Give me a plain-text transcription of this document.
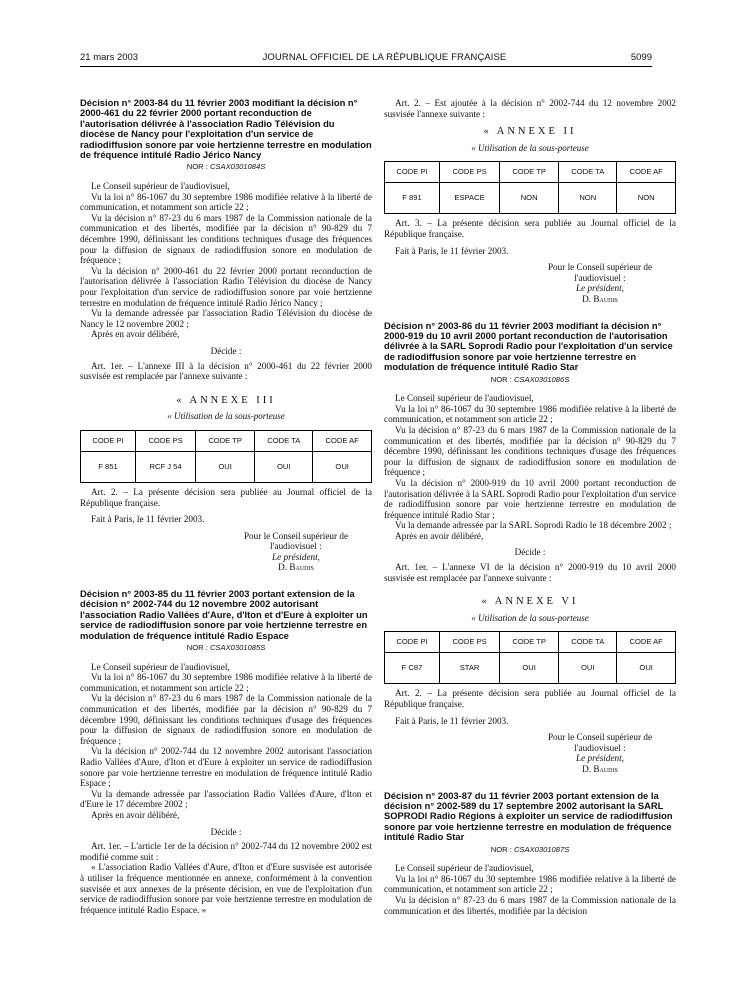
21 mars 2003	JOURNAL OFFICIEL DE LA RÉPUBLIQUE FRANÇAISE	5099
Décision n° 2003-84 du 11 février 2003 modifiant la décision n° 2000-461 du 22 février 2000 portant reconduction de l'autorisation délivrée à l'association Radio Télévision du diocèse de Nancy pour l'exploitation d'un service de radiodiffusion sonore par voie hertzienne terrestre en modulation de fréquence intitulé Radio Jérico Nancy
NOR : CSAX0301084S

Le Conseil supérieur de l'audiovisuel,

Vu la loi n° 86-1067 du 30 septembre 1986 modifiée relative à la liberté de communication, et notamment son article 22 ;

Vu la décision n° 87-23 du 6 mars 1987 de la Commission nationale de la communication et des libertés, modifiée par la décision n° 90-829 du 7 décembre 1990, définissant les conditions techniques d'usage des fréquences pour la diffusion de signaux de radiodiffusion sonore en modulation de fréquence ;

Vu la décision n° 2000-461 du 22 février 2000 portant reconduction de l'autorisation délivrée à l'association Radio Télévision du diocèse de Nancy pour l'exploitation d'un service de radiodiffusion sonore par voie hertzienne terrestre en modulation de fréquence intitulé Radio Jérico Nancy ;

Vu la demande adressée par l'association Radio Télévision du diocèse de Nancy le 12 novembre 2002 ;

Après en avoir délibéré,

Décide :

Art. 1er. – L'annexe III à la décision n° 2000-461 du 22 février 2000 susvisée est remplacée par l'annexe suivante :

« ANNEXE III
« Utilisation de la sous-porteuse
CODE PI	CODE PS	CODE TP	CODE TA	CODE AF
F 851	RCF J 54	OUI	OUI	OUI

Art. 2. – La présente décision sera publiée au Journal officiel de la République française.

Fait à Paris, le 11 février 2003.

Pour le Conseil supérieur de l'audiovisuel :
Le président,
D. Baudis
Décision n° 2003-85 du 11 février 2003 portant extension de la décision n° 2002-744 du 12 novembre 2002 autorisant l'association Radio Vallées d'Aure, d'Iton et d'Eure à exploiter un service de radiodiffusion sonore par voie hertzienne terrestre en modulation de fréquence intitulé Radio Espace
NOR : CSAX0301085S

Le Conseil supérieur de l'audiovisuel,

Vu la loi n° 86-1067 du 30 septembre 1986 modifiée relative à la liberté de communication, et notamment son article 22 ;

Vu la décision n° 87-23 du 6 mars 1987 de la Commission nationale de la communication et des libertés, modifiée par la décision n° 90-829 du 7 décembre 1990, définissant les conditions techniques d'usage des fréquences pour la diffusion de signaux de radiodiffusion sonore en modulation de fréquence ;

Vu la décision n° 2002-744 du 12 novembre 2002 autorisant l'association Radio Vallées d'Aure, d'Iton et d'Eure à exploiter un service de radiodiffusion sonore par voie hertzienne terrestre en modulation de fréquence intitulé Radio Espace ;

Vu la demande adressée par l'association Radio Vallées d'Aure, d'Iton et d'Eure le 17 décembre 2002 ;

Après en avoir délibéré,

Décide :

Art. 1er. – L'article 1er de la décision n° 2002-744 du 12 novembre 2002 est modifié comme suit :

« L'association Radio Vallées d'Aure, d'Iton et d'Eure susvisée est autorisée à utiliser la fréquence mentionnée en annexe, conformément à la convention susvisée et aux annexes de la présente décision, en vue de l'exploitation d'un service de radiodiffusion sonore par voie hertzienne terrestre en modulation de fréquence intitulé Radio Espace. »

Art. 2. – Est ajoutée à la décision n° 2002-744 du 12 novembre 2002 susvisée l'annexe suivante :

« ANNEXE II
« Utilisation de la sous-porteuse
CODE PI	CODE PS	CODE TP	CODE TA	CODE AF
F 891	ESPACE	NON	NON	NON

Art. 3. – La présente décision sera publiée au Journal officiel de la République française.

Fait à Paris, le 11 février 2003.

Pour le Conseil supérieur de l'audiovisuel :
Le président,
D. Baudis
Décision n° 2003-86 du 11 février 2003 modifiant la décision n° 2000-919 du 10 avril 2000 portant reconduction de l'autorisation délivrée à la SARL Soprodi Radio pour l'exploitation d'un service de radiodiffusion sonore par voie hertzienne terrestre en modulation de fréquence intitulé Radio Star
NOR : CSAX0301086S

Le Conseil supérieur de l'audiovisuel,

Vu la loi n° 86-1067 du 30 septembre 1986 modifiée relative à la liberté de communication, et notamment son article 22 ;

Vu la décision n° 87-23 du 6 mars 1987 de la Commission nationale de la communication et des libertés, modifiée par la décision n° 90-829 du 7 décembre 1990, définissant les conditions techniques d'usage des fréquences pour la diffusion de signaux de radiodiffusion sonore en modulation de fréquence ;

Vu la décision n° 2000-919 du 10 avril 2000 portant reconduction de l'autorisation délivrée à la SARL Soprodi Radio pour l'exploitation d'un service de radiodiffusion sonore par voie hertzienne terrestre en modulation de fréquence intitulé Radio Star ;

Vu la demande adressée par la SARL Soprodi Radio le 18 décembre 2002 ;

Après en avoir délibéré,

Décide :

Art. 1er. – L'annexe VI de la décision n° 2000-919 du 10 avril 2000 susvisée est remplacée par l'annexe suivante :

« ANNEXE VI
« Utilisation de la sous-porteuse
CODE PI	CODE PS	CODE TP	CODE TA	CODE AF
F C87	STAR	OUI	OUI	OUI

Art. 2. – La présente décision sera publiée au Journal officiel de la République française.

Fait à Paris, le 11 février 2003.

Pour le Conseil supérieur de l'audiovisuel :
Le président,
D. Baudis
Décision n° 2003-87 du 11 février 2003 portant extension de la décision n° 2002-589 du 17 septembre 2002 autorisant la SARL SOPRODI Radio Régions à exploiter un service de radiodiffusion sonore par voie hertzienne terrestre en modulation de fréquence intitulé Radio Star
NOR : CSAX0301087S

Le Conseil supérieur de l'audiovisuel,

Vu la loi n° 86-1067 du 30 septembre 1986 modifiée relative à la liberté de communication, et notamment son article 22 ;

Vu la décision n° 87-23 du 6 mars 1987 de la Commission nationale de la communication et des libertés, modifiée par la décision
